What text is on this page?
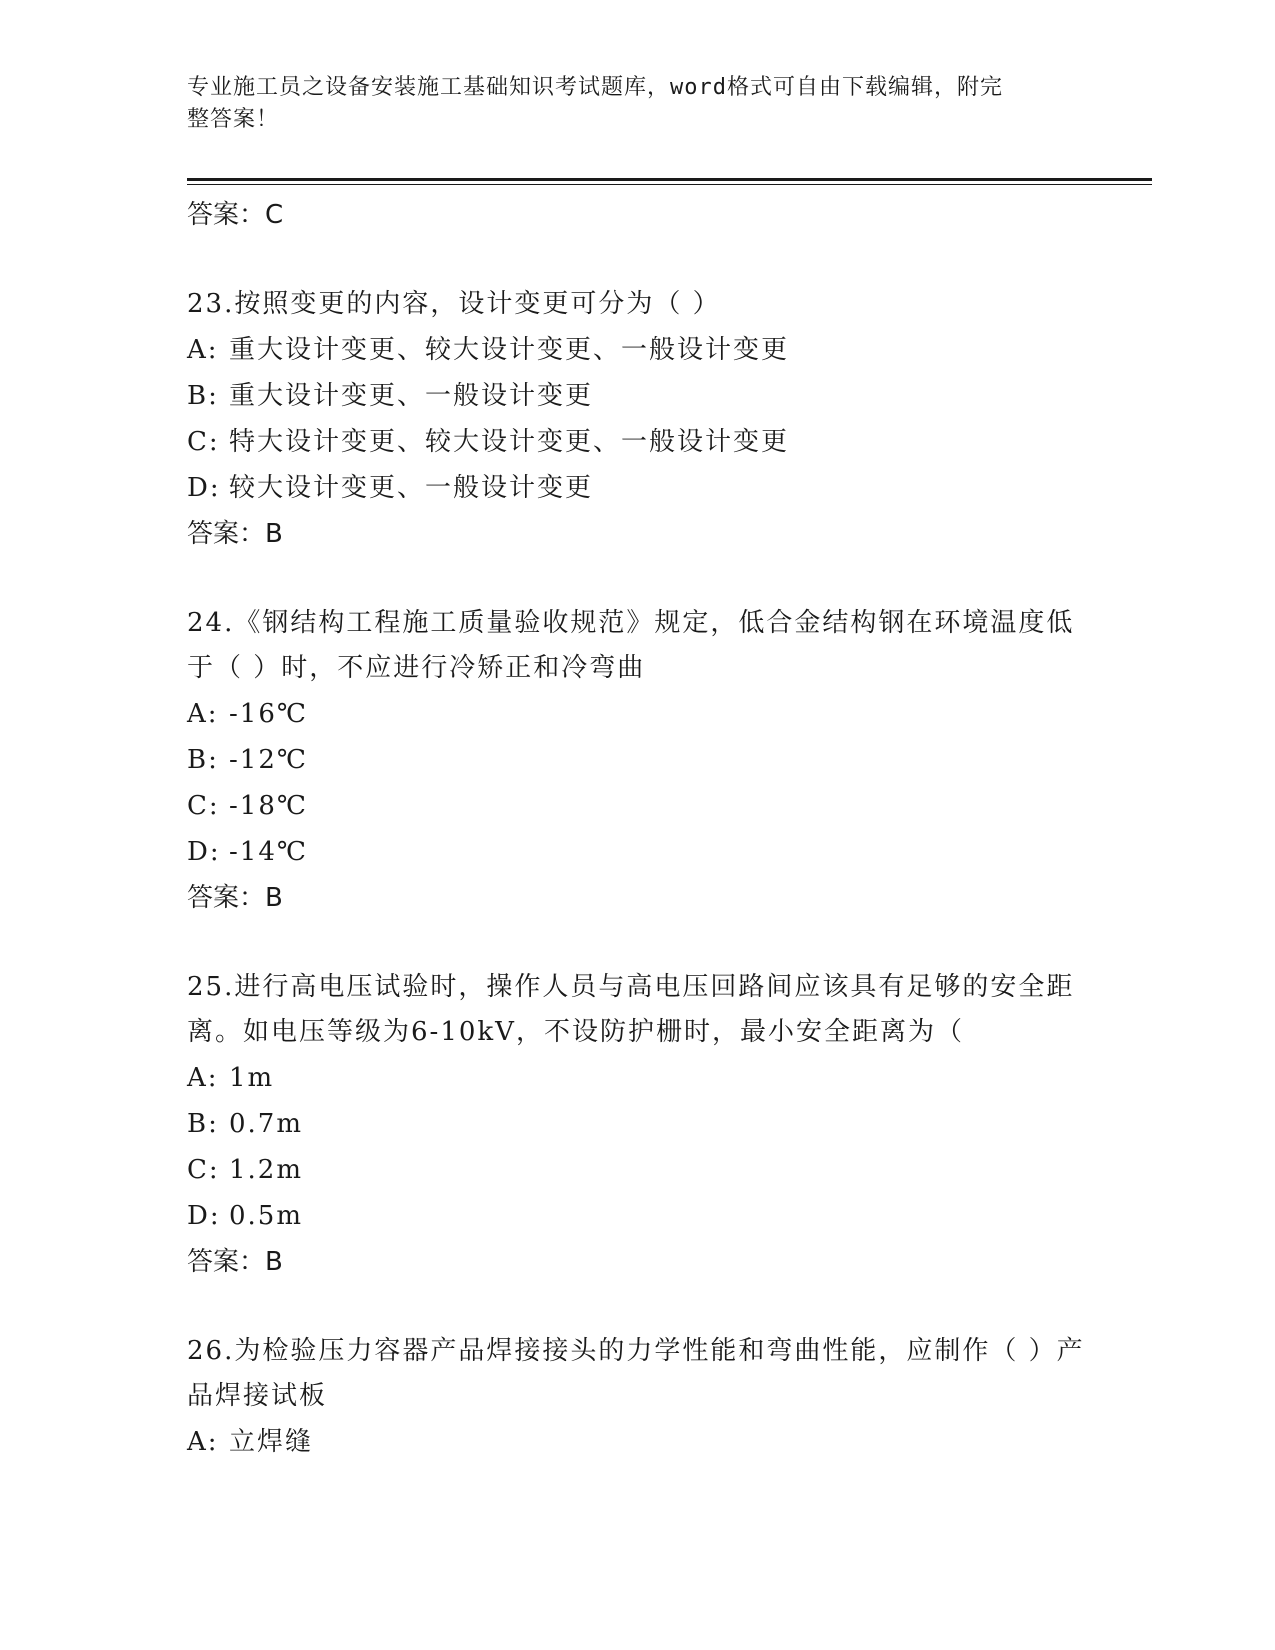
专业施工员之设备安装施工基础知识考试题库，word格式可自由下载编辑，附完
整答案！
答案：C
23.按照变更的内容，设计变更可分为（ ）
A: 重大设计变更、较大设计变更、一般设计变更
B: 重大设计变更、一般设计变更
C: 特大设计变更、较大设计变更、一般设计变更
D: 较大设计变更、一般设计变更
答案：B
24.《钢结构工程施工质量验收规范》规定，低合金结构钢在环境温度低于（ ）时，不应进行冷矫正和冷弯曲
A: -16℃
B: -12℃
C: -18℃
D: -14℃
答案：B
25.进行高电压试验时，操作人员与高电压回路间应该具有足够的安全距离。如电压等级为6-10kV，不设防护栅时，最小安全距离为（
A: 1m
B: 0.7m
C: 1.2m
D: 0.5m
答案：B
26.为检验压力容器产品焊接接头的力学性能和弯曲性能，应制作（ ）产品焊接试板
A: 立焊缝
